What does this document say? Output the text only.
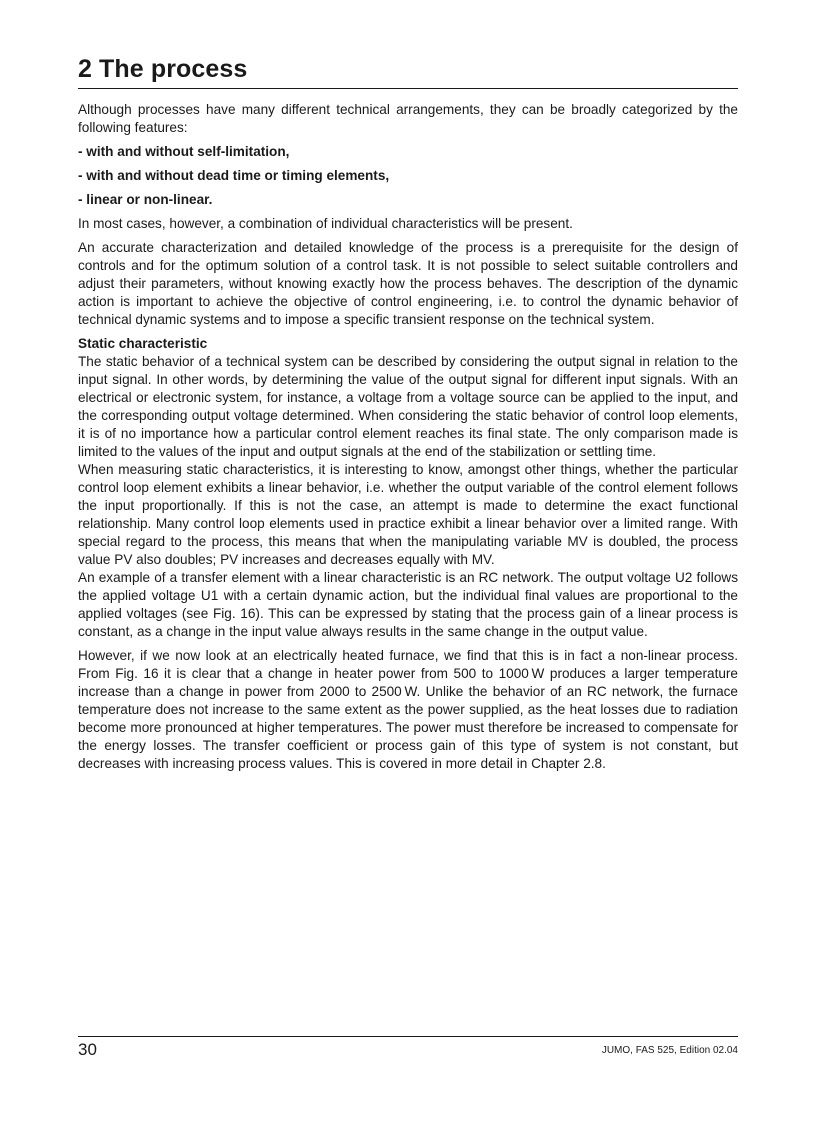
2 The process

Although processes have many different technical arrangements, they can be broadly categorized by the following features:

- with and without self-limitation,

- with and without dead time or timing elements,

- linear or non-linear.

In most cases, however, a combination of individual characteristics will be present.

An accurate characterization and detailed knowledge of the process is a prerequisite for the design of controls and for the optimum solution of a control task. It is not possible to select suitable controllers and adjust their parameters, without knowing exactly how the process behaves. The description of the dynamic action is important to achieve the objective of control engineering, i.e. to control the dynamic behavior of technical dynamic systems and to impose a specific transient response on the technical system.

Static characteristic

The static behavior of a technical system can be described by considering the output signal in relation to the input signal. In other words, by determining the value of the output signal for different input signals. With an electrical or electronic system, for instance, a voltage from a voltage source can be applied to the input, and the corresponding output voltage determined. When considering the static behavior of control loop elements, it is of no importance how a particular control element reaches its final state. The only comparison made is limited to the values of the input and output signals at the end of the stabilization or settling time.

When measuring static characteristics, it is interesting to know, amongst other things, whether the particular control loop element exhibits a linear behavior, i.e. whether the output variable of the control element follows the input proportionally. If this is not the case, an attempt is made to determine the exact functional relationship. Many control loop elements used in practice exhibit a linear behavior over a limited range. With special regard to the process, this means that when the manipulating variable MV is doubled, the process value PV also doubles; PV increases and decreases equally with MV.

An example of a transfer element with a linear characteristic is an RC network. The output voltage U2 follows the applied voltage U1 with a certain dynamic action, but the individual final values are proportional to the applied voltages (see Fig. 16). This can be expressed by stating that the process gain of a linear process is constant, as a change in the input value always results in the same change in the output value.

However, if we now look at an electrically heated furnace, we find that this is in fact a non-linear process. From Fig. 16 it is clear that a change in heater power from 500 to 1000 W produces a larger temperature increase than a change in power from 2000 to 2500 W. Unlike the behavior of an RC network, the furnace temperature does not increase to the same extent as the power supplied, as the heat losses due to radiation become more pronounced at higher temperatures. The power must therefore be increased to compensate for the energy losses. The transfer coefficient or process gain of this type of system is not constant, but decreases with increasing process values. This is covered in more detail in Chapter 2.8.

30	JUMO, FAS 525, Edition 02.04
